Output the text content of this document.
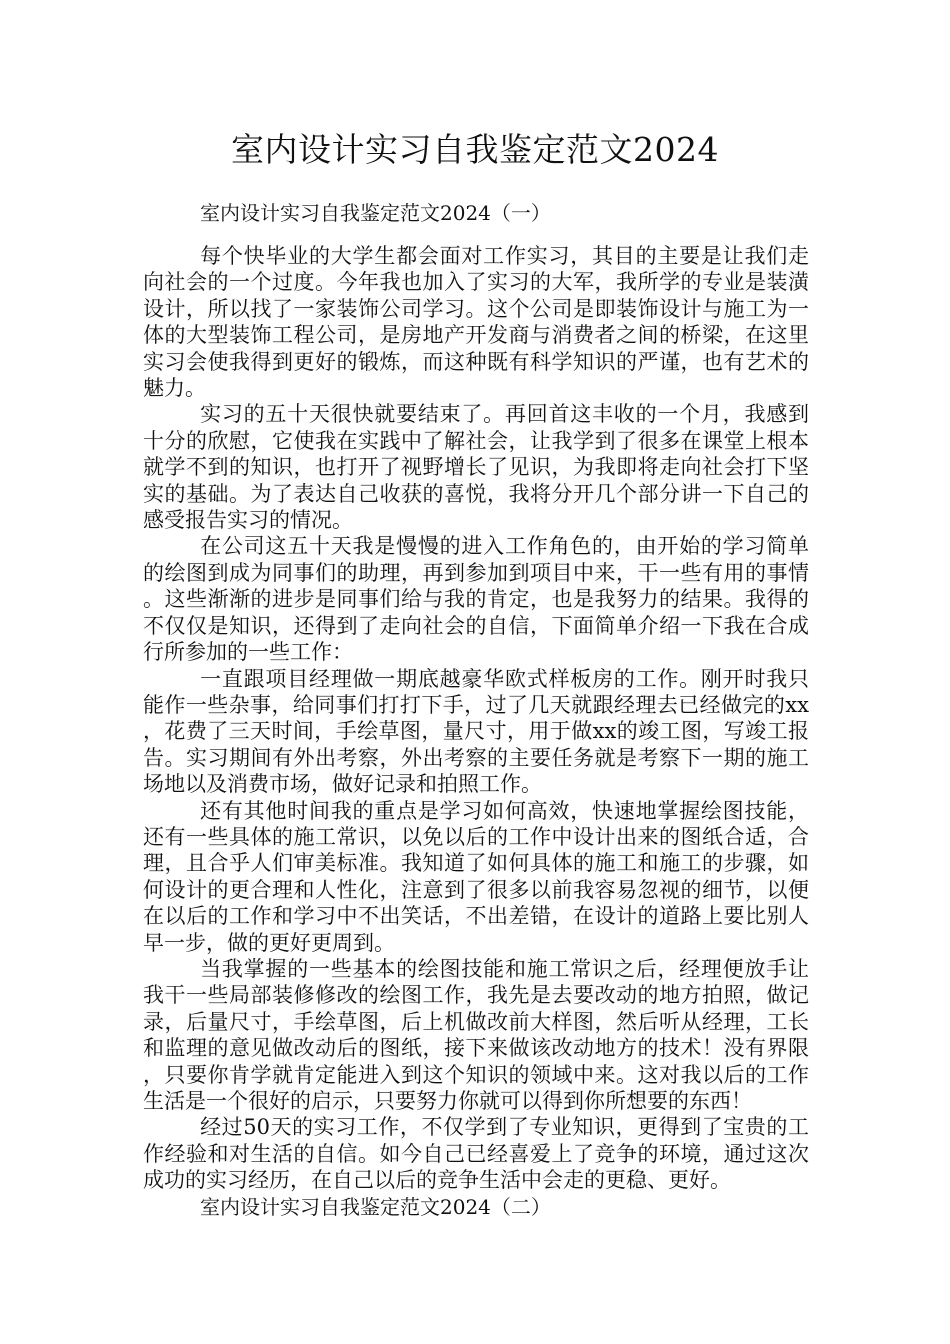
室内设计实习自我鉴定范文2024
室内设计实习自我鉴定范文2024（一）

每个快毕业的大学生都会面对工作实习，其目的主要是让我们走向社会的一个过度。今年我也加入了实习的大军，我所学的专业是装潢设计，所以找了一家装饰公司学习。这个公司是即装饰设计与施工为一体的大型装饰工程公司，是房地产开发商与消费者之间的桥梁，在这里实习会使我得到更好的锻炼，而这种既有科学知识的严谨，也有艺术的魅力。

实习的五十天很快就要结束了。再回首这丰收的一个月，我感到十分的欣慰，它使我在实践中了解社会，让我学到了很多在课堂上根本就学不到的知识，也打开了视野增长了见识，为我即将走向社会打下坚实的基础。为了表达自己收获的喜悦，我将分开几个部分讲一下自己的感受报告实习的情况。

在公司这五十天我是慢慢的进入工作角色的，由开始的学习简单的绘图到成为同事们的助理，再到参加到项目中来，干一些有用的事情。这些渐渐的进步是同事们给与我的肯定，也是我努力的结果。我得的不仅仅是知识，还得到了走向社会的自信，下面简单介绍一下我在合成行所参加的一些工作：

一直跟项目经理做一期底越豪华欧式样板房的工作。刚开时我只能作一些杂事，给同事们打打下手，过了几天就跟经理去已经做完的xx，花费了三天时间，手绘草图，量尺寸，用于做xx的竣工图，写竣工报告。实习期间有外出考察，外出考察的主要任务就是考察下一期的施工场地以及消费市场，做好记录和拍照工作。

还有其他时间我的重点是学习如何高效，快速地掌握绘图技能，还有一些具体的施工常识，以免以后的工作中设计出来的图纸合适，合理，且合乎人们审美标准。我知道了如何具体的施工和施工的步骤，如何设计的更合理和人性化，注意到了很多以前我容易忽视的细节，以便在以后的工作和学习中不出笑话，不出差错，在设计的道路上要比别人早一步，做的更好更周到。

当我掌握的一些基本的绘图技能和施工常识之后，经理便放手让我干一些局部装修修改的绘图工作，我先是去要改动的地方拍照，做记录，后量尺寸，手绘草图，后上机做改前大样图，然后听从经理，工长和监理的意见做改动后的图纸，接下来做该改动地方的技术！没有界限，只要你肯学就肯定能进入到这个知识的领域中来。这对我以后的工作生活是一个很好的启示，只要努力你就可以得到你所想要的东西！

经过50天的实习工作，不仅学到了专业知识，更得到了宝贵的工作经验和对生活的自信。如今自己已经喜爱上了竞争的环境，通过这次成功的实习经历，在自己以后的竞争生活中会走的更稳、更好。

室内设计实习自我鉴定范文2024（二）
